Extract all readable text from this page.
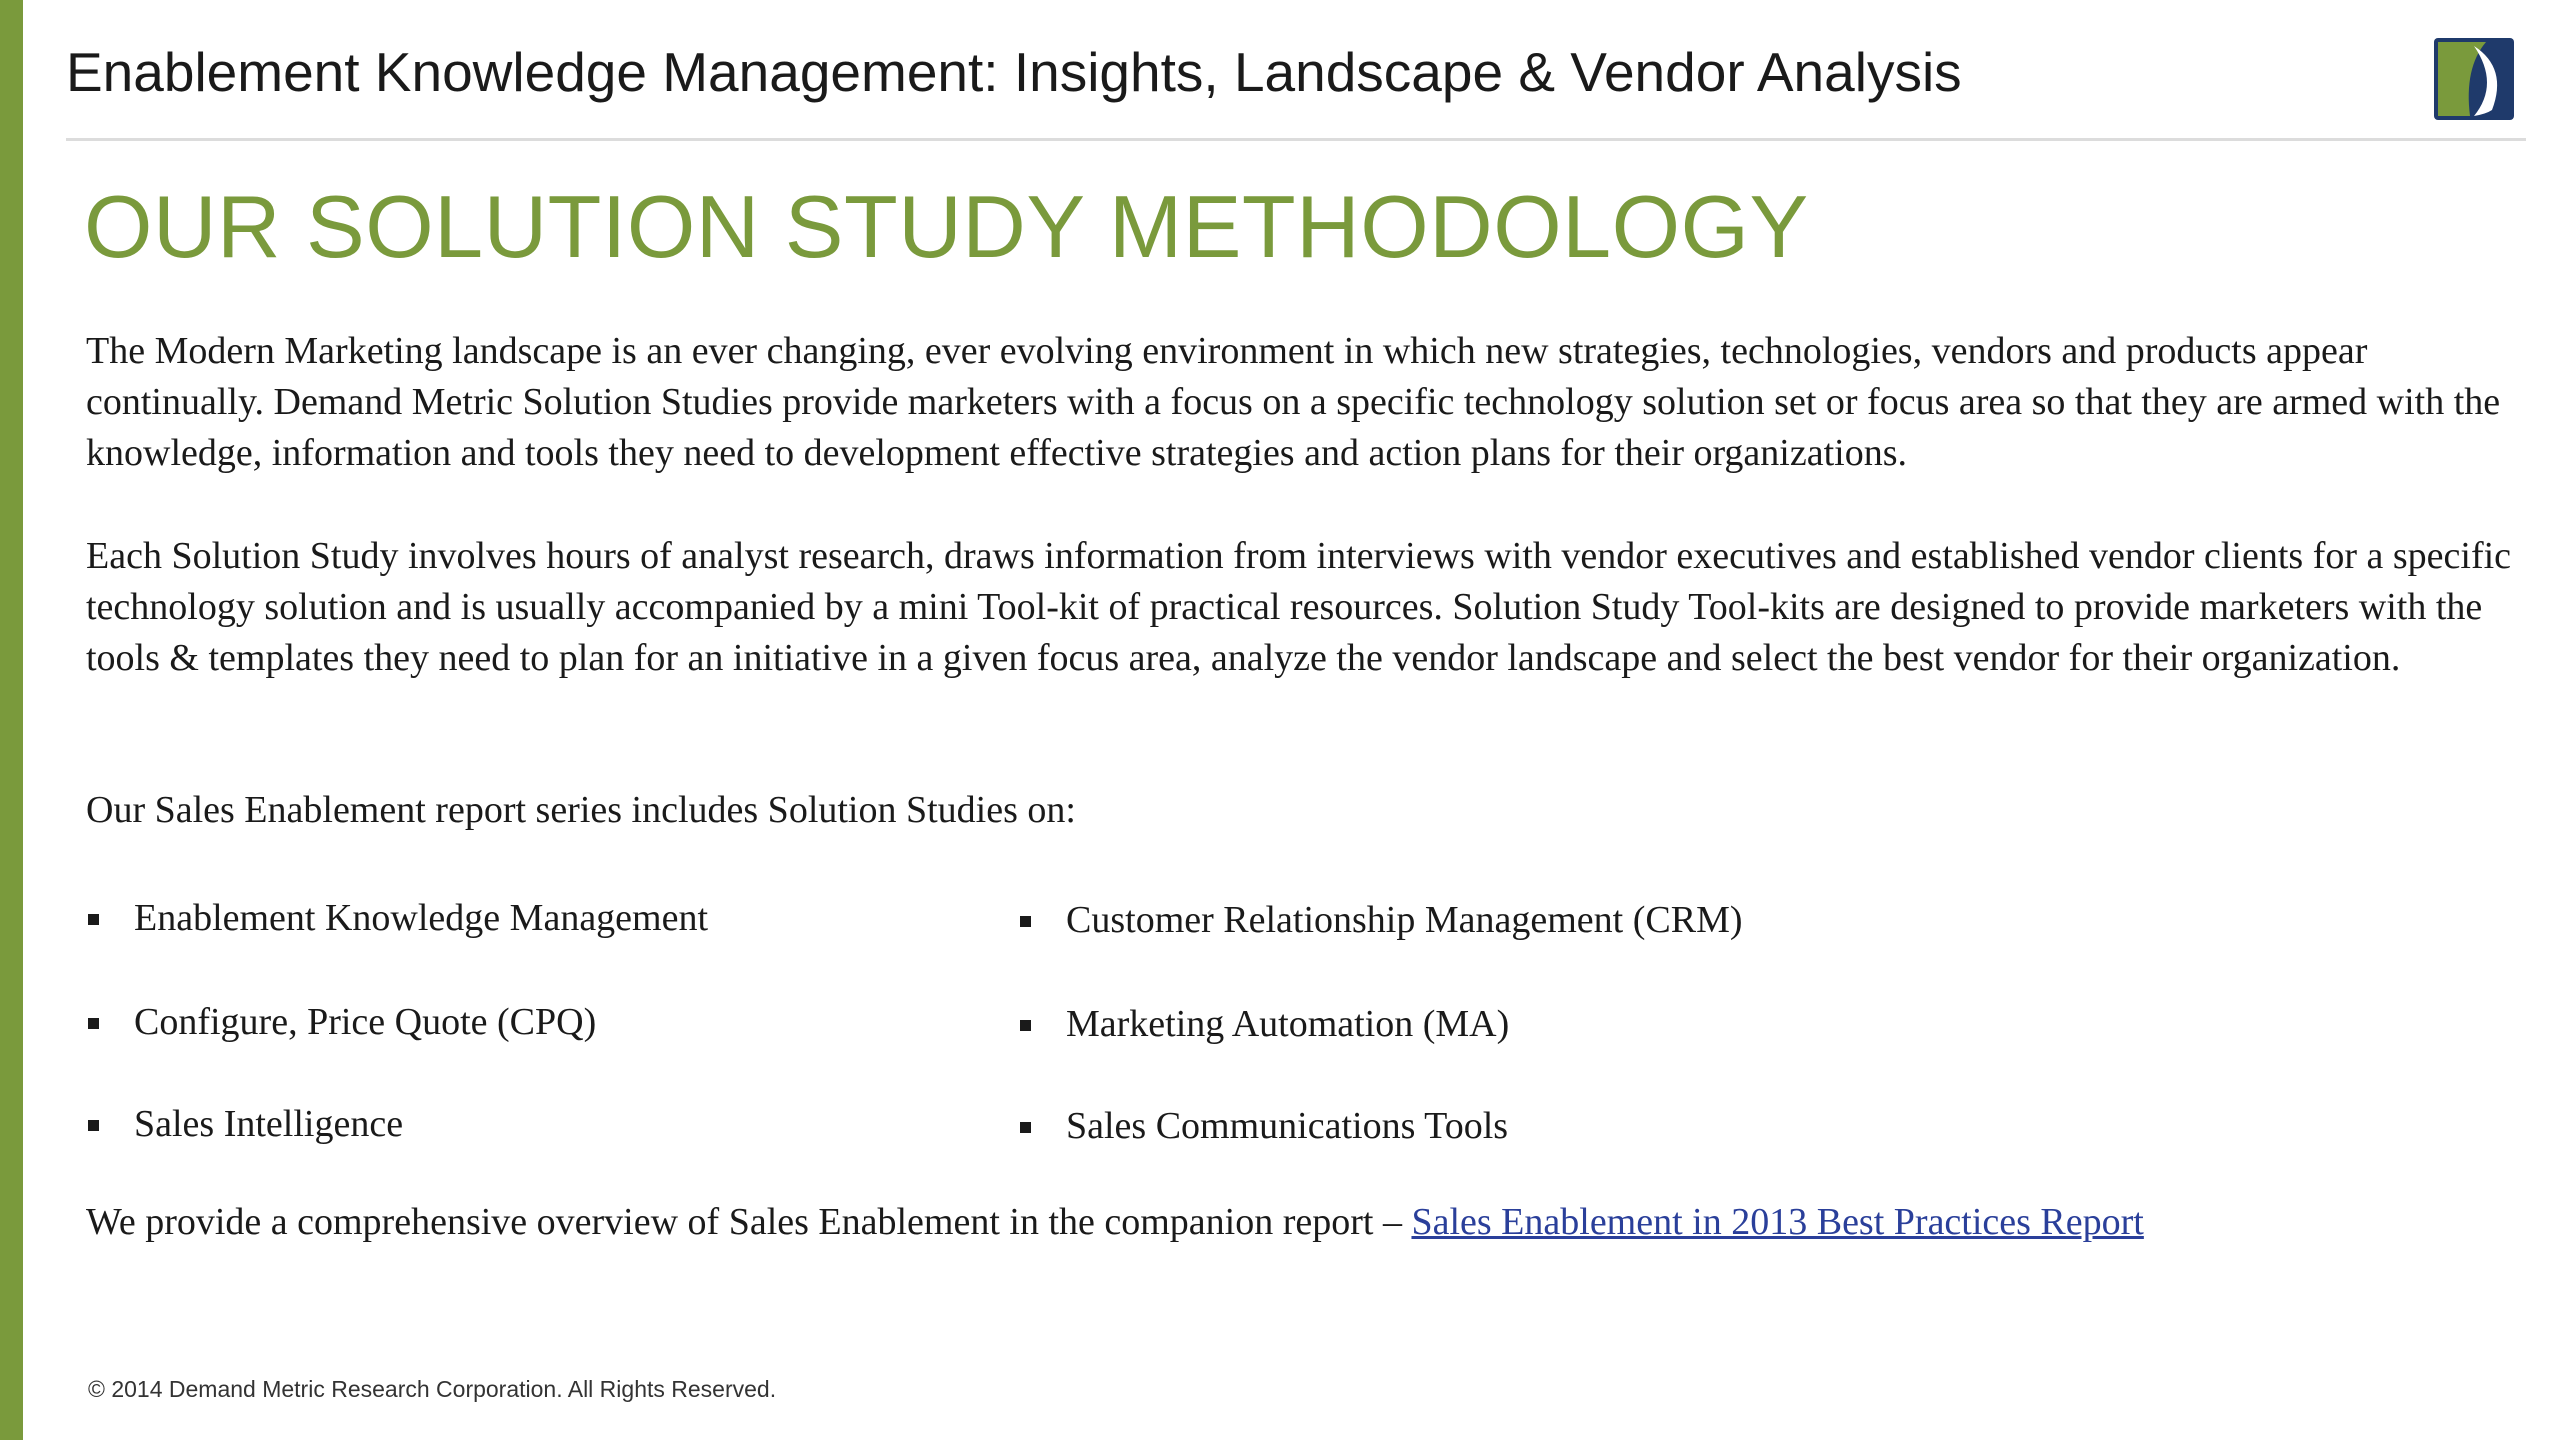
Enablement Knowledge Management: Insights, Landscape & Vendor Analysis
OUR SOLUTION STUDY METHODOLOGY

The Modern Marketing landscape is an ever changing, ever evolving environment in which new strategies, technologies, vendors and products appear continually. Demand Metric Solution Studies provide marketers with a focus on a specific technology solution set or focus area so that they are armed with the knowledge, information and tools they need to development effective strategies and action plans for their organizations.

Each Solution Study involves hours of analyst research, draws information from interviews with vendor executives and established vendor clients for a specific technology solution and is usually accompanied by a mini Tool-kit of practical resources. Solution Study Tool-kits are designed to provide marketers with the tools & templates they need to plan for an initiative in a given focus area, analyze the vendor landscape and select the best vendor for their organization.

Our Sales Enablement report series includes Solution Studies on:
Enablement Knowledge Management
Configure, Price Quote (CPQ)
Sales Intelligence
Customer Relationship Management (CRM)
Marketing Automation (MA)
Sales Communications Tools
We provide a comprehensive overview of Sales Enablement in the companion report – Sales Enablement in 2013 Best Practices Report
© 2014 Demand Metric Research Corporation. All Rights Reserved.
